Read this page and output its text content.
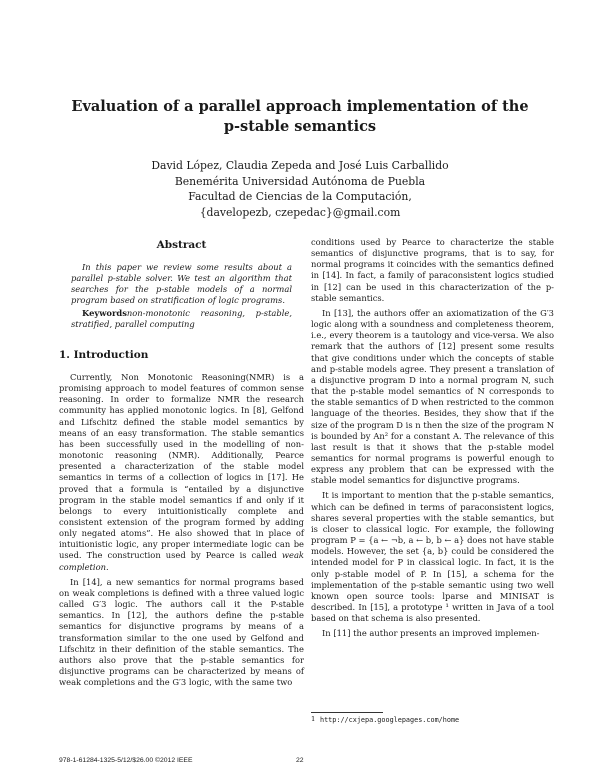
Evaluation of a parallel approach implementation of the p-stable semantics
David López, Claudia Zepeda and José Luis Carballido
Benemérita Universidad Autónoma de Puebla
Facultad de Ciencias de la Computación,
{davelopezb, czepedac}@gmail.com

Abstract

In this paper we review some results about a parallel p-stable solver. We test an algorithm that searches for the p-stable models of a normal program based on stratification of logic programs.

Keywordsnon-monotonic reasoning, p-stable, stratified, parallel computing

1. Introduction

Currently, Non Monotonic Reasoning(NMR) is a promising approach to model features of common sense reasoning. In order to formalize NMR the research community has applied monotonic logics. In [8], Gelfond and Lifschitz defined the stable model semantics by means of an easy transformation. The stable semantics has been successfully used in the modelling of non-monotonic reasoning (NMR). Additionally, Pearce presented a characterization of the stable model semantics in terms of a collection of logics in [17]. He proved that a formula is “entailed by a disjunctive program in the stable model semantics if and only if it belongs to every intuitionistically complete and consistent extension of the program formed by adding only negated atoms”. He also showed that in place of intuitionistic logic, any proper intermediate logic can be used. The construction used by Pearce is called weak completion.

In [14], a new semantics for normal programs based on weak completions is defined with a three valued logic called G′3 logic. The authors call it the P-stable semantics. In [12], the authors define the p-stable semantics for disjunctive programs by means of a transformation similar to the one used by Gelfond and Lifschitz in their definition of the stable semantics. The authors also prove that the p-stable semantics for disjunctive programs can be characterized by means of weak completions and the G′3 logic, with the same two

conditions used by Pearce to characterize the stable semantics of disjunctive programs, that is to say, for normal programs it coincides with the semantics defined in [14]. In fact, a family of paraconsistent logics studied in [12] can be used in this characterization of the p-stable semantics.

In [13], the authors offer an axiomatization of the G′3 logic along with a soundness and completeness theorem, i.e., every theorem is a tautology and vice-versa. We also remark that the authors of [12] present some results that give conditions under which the concepts of stable and p-stable models agree. They present a translation of a disjunctive program D into a normal program N, such that the p-stable model semantics of N corresponds to the stable semantics of D when restricted to the common language of the theories. Besides, they show that if the size of the program D is n then the size of the program N is bounded by An² for a constant A. The relevance of this last result is that it shows that the p-stable model semantics for normal programs is powerful enough to express any problem that can be expressed with the stable model semantics for disjunctive programs.

It is important to mention that the p-stable semantics, which can be defined in terms of paraconsistent logics, shares several properties with the stable semantics, but is closer to classical logic. For example, the following program P = {a ← ¬b, a ← b, b ← a} does not have stable models. However, the set {a, b} could be considered the intended model for P in classical logic. In fact, it is the only p-stable model of P. In [15], a schema for the implementation of the p-stable semantic using two well known open source tools: lparse and MINISAT is described. In [15], a prototype ¹ written in Java of a tool based on that schema is also presented.

In [11] the author presents an improved implemen-

1 http://cxjepa.googlepages.com/home
978-1-61284-1325-5/12/$26.00 ©2012 IEEE	22
